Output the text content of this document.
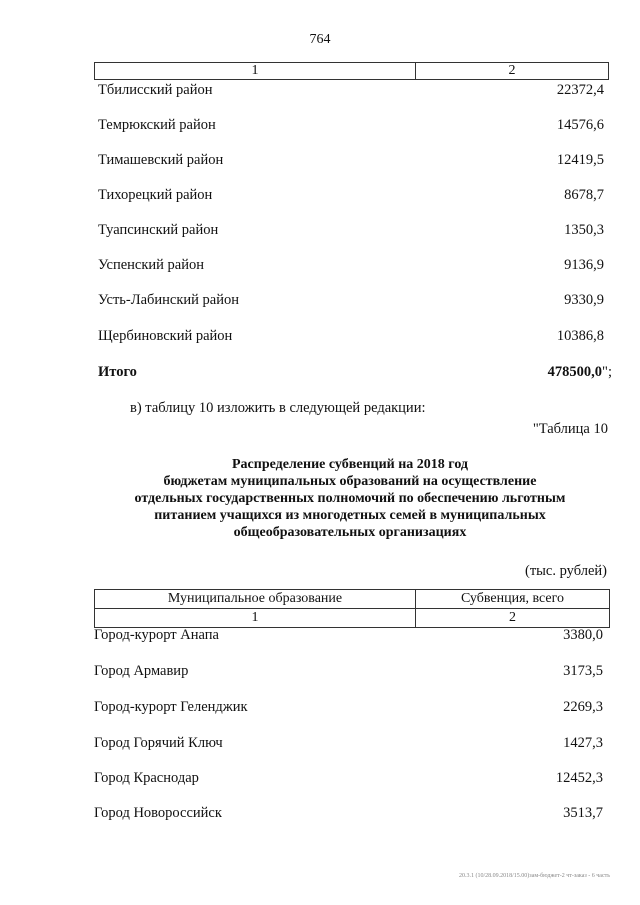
764
1	2
Тбилисский район	22372,4
Темрюкский район	14576,6
Тимашевский район	12419,5
Тихорецкий район	8678,7
Туапсинский район	1350,3
Успенский район	9136,9
Усть-Лабинский район	9330,9
Щербиновский район	10386,8
Итого	478500,0";
в) таблицу 10 изложить в следующей редакции:
"Таблица 10
Распределение субвенций на 2018 год
бюджетам муниципальных образований на осуществление
отдельных государственных полномочий по обеспечению льготным
питанием учащихся из многодетных семей в муниципальных
общеобразовательных организациях
(тыс. рублей)
Муниципальное образование	Субвенция, всего
1	2
Город-курорт Анапа	3380,0
Город Армавир	3173,5
Город-курорт Геленджик	2269,3
Город Горячий Ключ	1427,3
Город Краснодар	12452,3
Город Новороссийск	3513,7
20.3.1 (10/28.09.2018/15.00)зам-бюджет-2 чт-заказ - 6 часть
